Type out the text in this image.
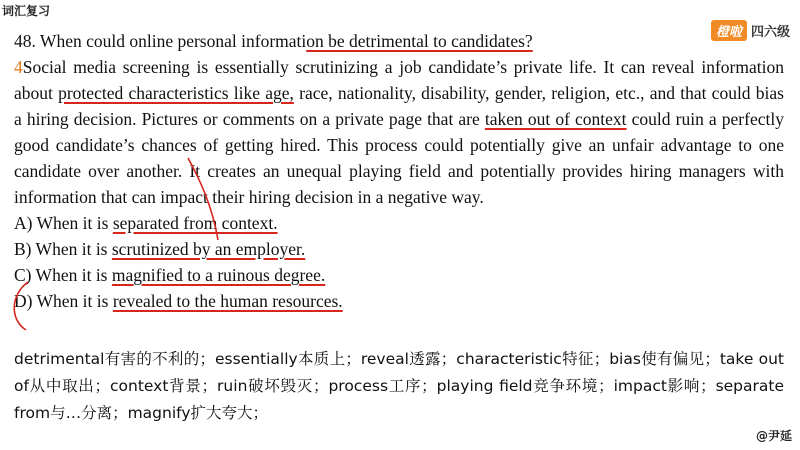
词汇复习
橙啦 四六级

48. When could online personal information be detrimental to candidates?

4Social media screening is essentially scrutinizing a job candidate’s private life. It can reveal information about protected characteristics like age, race, nationality, disability, gender, religion, etc., and that could bias a hiring decision. Pictures or comments on a private page that are taken out of context could ruin a perfectly good candidate’s chances of getting hired. This process could potentially give an unfair advantage to one candidate over another. It creates an unequal playing field and potentially provides hiring managers with information that can impact their hiring decision in a negative way.

A) When it is separated from context.

B) When it is scrutinized by an employer.

C) When it is magnified to a ruinous degree.

D) When it is revealed to the human resources.

detrimental有害的不利的；essentially本质上；reveal透露；characteristic特征；bias使有偏见；take out of从中取出；context背景；ruin破坏毁灭；process工序；playing field竞争环境；impact影响；separate from与…分离；magnify扩大夸大；
@尹延
